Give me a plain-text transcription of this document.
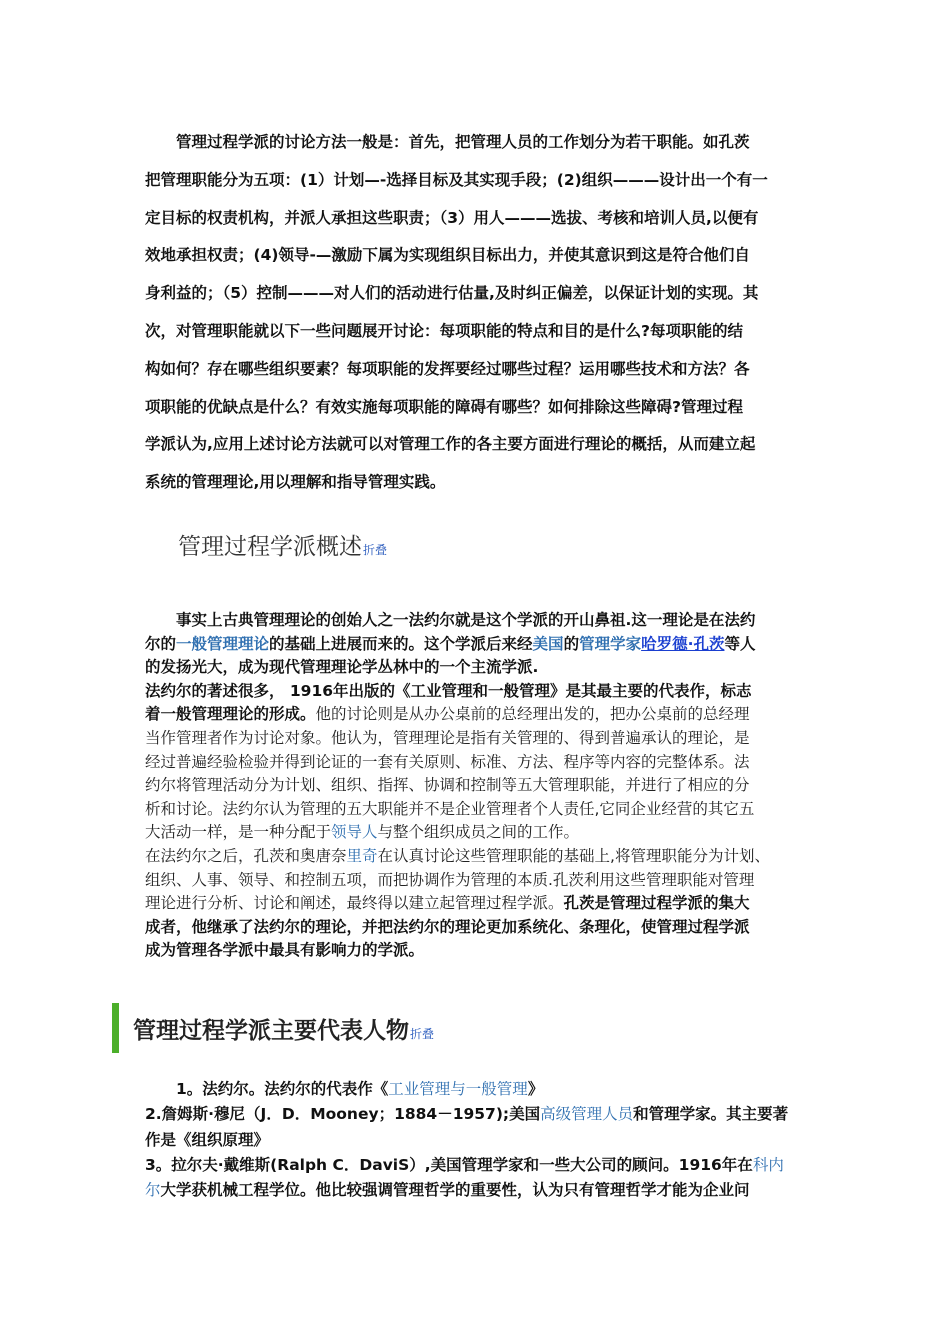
　　管理过程学派的讨论方法一般是：首先，把管理人员的工作划分为若干职能。如孔茨
把管理职能分为五项：(1）计划—-选择目标及其实现手段；(2)组织———设计出一个有一
定目标的权责机构，并派人承担这些职责；（3）用人———选拔、考核和培训人员,以便有
效地承担权责；(4)领导-—激励下属为实现组织目标出力，并使其意识到这是符合他们自
身利益的；（5）控制———对人们的活动进行估量,及时纠正偏差，以保证计划的实现。其
次，对管理职能就以下一些问题展开讨论：每项职能的特点和目的是什么?每项职能的结
构如何？存在哪些组织要素？每项职能的发挥要经过哪些过程？运用哪些技术和方法？各
项职能的优缺点是什么？有效实施每项职能的障碍有哪些？如何排除这些障碍?管理过程
学派认为,应用上述讨论方法就可以对管理工作的各主要方面进行理论的概括，从而建立起
系统的管理理论,用以理解和指导管理实践。
管理过程学派概述折叠
　　事实上古典管理理论的创始人之一法约尔就是这个学派的开山鼻祖.这一理论是在法约
尔的一般管理理论的基础上进展而来的。这个学派后来经美国的管理学家哈罗德·孔茨等人
的发扬光大，成为现代管理理论学丛林中的一个主流学派.
法约尔的著述很多， 1916年出版的《工业管理和一般管理》是其最主要的代表作，标志
着一般管理理论的形成。他的讨论则是从办公桌前的总经理出发的，把办公桌前的总经理
当作管理者作为讨论对象。他认为，管理理论是指有关管理的、得到普遍承认的理论，是
经过普遍经验检验并得到论证的一套有关原则、标准、方法、程序等内容的完整体系。法
约尔将管理活动分为计划、组织、指挥、协调和控制等五大管理职能，并进行了相应的分
析和讨论。法约尔认为管理的五大职能并不是企业管理者个人责任,它同企业经营的其它五
大活动一样，是一种分配于领导人与整个组织成员之间的工作。
在法约尔之后，孔茨和奥唐奈里奇在认真讨论这些管理职能的基础上,将管理职能分为计划、
组织、人事、领导、和控制五项，而把协调作为管理的本质.孔茨利用这些管理职能对管理
理论进行分析、讨论和阐述，最终得以建立起管理过程学派。孔茨是管理过程学派的集大
成者，他继承了法约尔的理论，并把法约尔的理论更加系统化、条理化，使管理过程学派
成为管理各学派中最具有影响力的学派。
管理过程学派主要代表人物折叠
　　1。法约尔。法约尔的代表作《工业管理与一般管理》
2.詹姆斯·穆尼（J．D．Mooney；1884－1957);美国高级管理人员和管理学家。其主要著
作是《组织原理》
3。拉尔夫·戴维斯(Ralph C．DaviS）,美国管理学家和一些大公司的顾问。1916年在科内
尔大学获机械工程学位。他比较强调管理哲学的重要性，认为只有管理哲学才能为企业问
